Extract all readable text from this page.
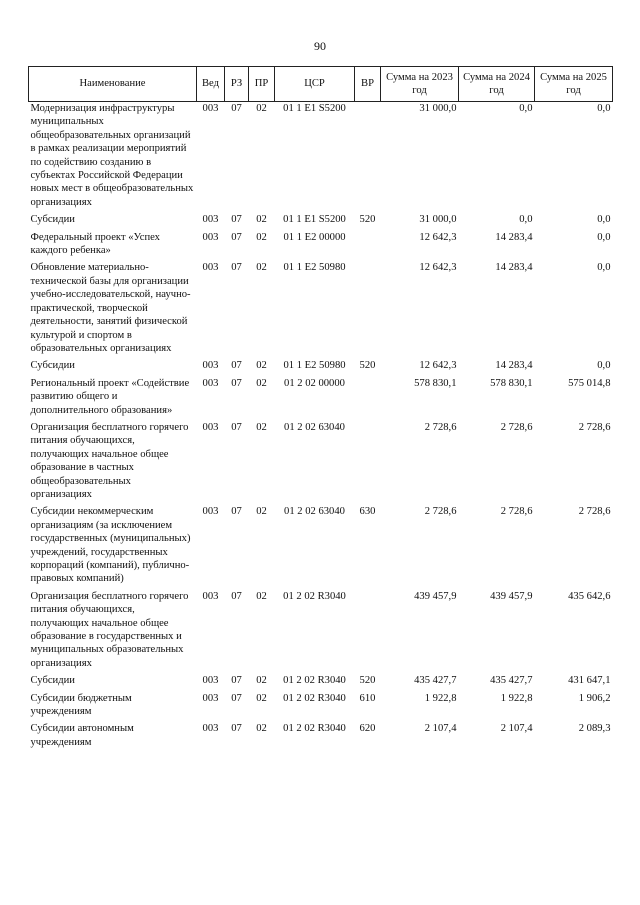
90
Наименование	Вед	РЗ	ПР	ЦСР	ВР	Сумма на 2023 год	Сумма на 2024 год	Сумма на 2025 год
Модернизация инфраструктуры муниципальных общеобразовательных организаций в рамках реализации мероприятий по содействию созданию в субъектах Российской Федерации новых мест в общеобразовательных организациях	003	07	02	01 1 E1 S5200		31 000,0	0,0	0,0
Субсидии	003	07	02	01 1 E1 S5200	520	31 000,0	0,0	0,0
Федеральный проект «Успех каждого ребенка»	003	07	02	01 1 E2 00000		12 642,3	14 283,4	0,0
Обновление материально-технической базы для организации учебно-исследовательской, научно-практической, творческой деятельности, занятий физической культурой и спортом в образовательных организациях	003	07	02	01 1 E2 50980		12 642,3	14 283,4	0,0
Субсидии	003	07	02	01 1 E2 50980	520	12 642,3	14 283,4	0,0
Региональный проект «Содействие развитию общего и дополнительного образования»	003	07	02	01 2 02 00000		578 830,1	578 830,1	575 014,8
Организация бесплатного горячего питания обучающихся, получающих начальное общее образование в частных общеобразовательных организациях	003	07	02	01 2 02 63040		2 728,6	2 728,6	2 728,6
Субсидии некоммерческим организациям (за исключением государственных (муниципальных) учреждений, государственных корпораций (компаний), публично-правовых компаний)	003	07	02	01 2 02 63040	630	2 728,6	2 728,6	2 728,6
Организация бесплатного горячего питания обучающихся, получающих начальное общее образование в государственных и муниципальных образовательных организациях	003	07	02	01 2 02 R3040		439 457,9	439 457,9	435 642,6
Субсидии	003	07	02	01 2 02 R3040	520	435 427,7	435 427,7	431 647,1
Субсидии бюджетным учреждениям	003	07	02	01 2 02 R3040	610	1 922,8	1 922,8	1 906,2
Субсидии автономным учреждениям	003	07	02	01 2 02 R3040	620	2 107,4	2 107,4	2 089,3
